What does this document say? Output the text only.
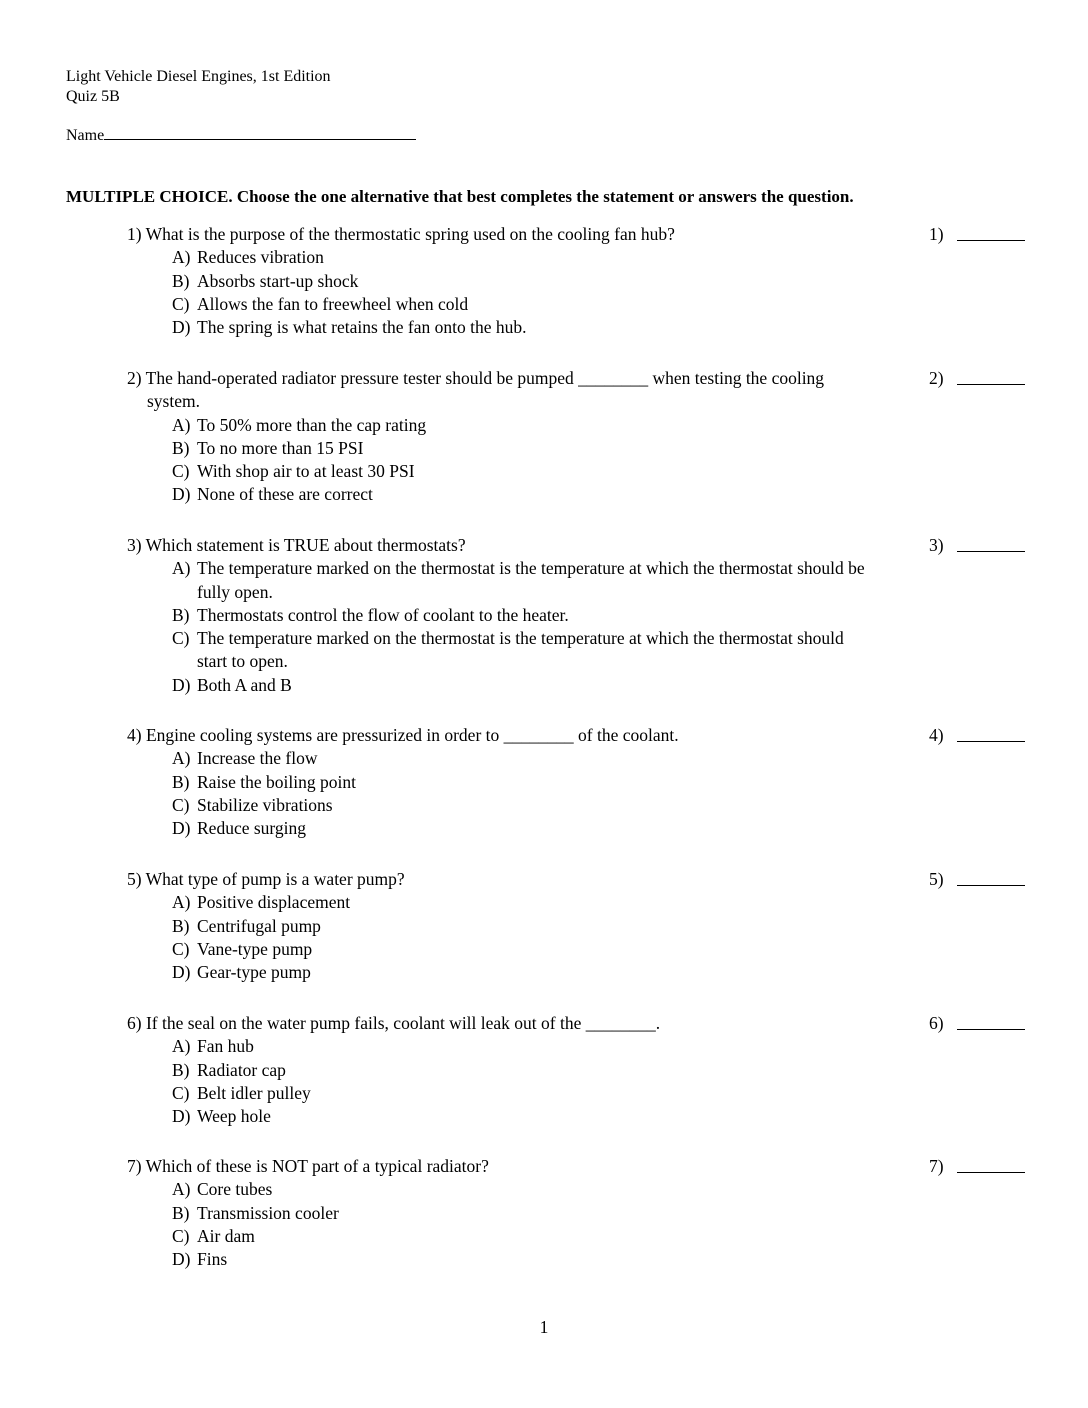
Light Vehicle Diesel Engines, 1st Edition
Quiz 5B
Name
MULTIPLE CHOICE. Choose the one alternative that best completes the statement or answers the question.
1) What is the purpose of the thermostatic spring used on the cooling fan hub?
A) Reduces vibration
B) Absorbs start-up shock
C) Allows the fan to freewheel when cold
D) The spring is what retains the fan onto the hub.
1)
2) The hand-operated radiator pressure tester should be pumped ________ when testing the cooling system.
A) To 50% more than the cap rating
B) To no more than 15 PSI
C) With shop air to at least 30 PSI
D) None of these are correct
2)
3) Which statement is TRUE about thermostats?
A) The temperature marked on the thermostat is the temperature at which the thermostat should be fully open.
B) Thermostats control the flow of coolant to the heater.
C) The temperature marked on the thermostat is the temperature at which the thermostat should start to open.
D) Both A and B
3)
4) Engine cooling systems are pressurized in order to ________ of the coolant.
A) Increase the flow
B) Raise the boiling point
C) Stabilize vibrations
D) Reduce surging
4)
5) What type of pump is a water pump?
A) Positive displacement
B) Centrifugal pump
C) Vane-type pump
D) Gear-type pump
5)
6) If the seal on the water pump fails, coolant will leak out of the ________.
A) Fan hub
B) Radiator cap
C) Belt idler pulley
D) Weep hole
6)
7) Which of these is NOT part of a typical radiator?
A) Core tubes
B) Transmission cooler
C) Air dam
D) Fins
7)
1
